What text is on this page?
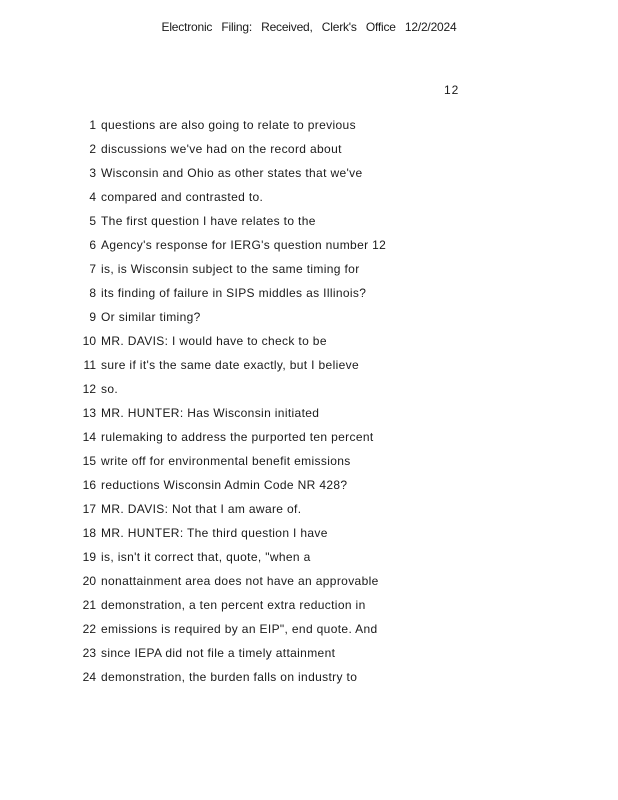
Electronic Filing: Received, Clerk's Office 12/2/2024
12
1 questions are also going to relate to previous
2 discussions we've had on the record about
3 Wisconsin and Ohio as other states that we've
4 compared and contrasted to.
5 The first question I have relates to the
6 Agency's response for IERG's question number 12
7 is, is Wisconsin subject to the same timing for
8 its finding of failure in SIPS middles as Illinois?
9 Or similar timing?
10 MR. DAVIS: I would have to check to be
11 sure if it's the same date exactly, but I believe
12 so.
13 MR. HUNTER: Has Wisconsin initiated
14 rulemaking to address the purported ten percent
15 write off for environmental benefit emissions
16 reductions Wisconsin Admin Code NR 428?
17 MR. DAVIS: Not that I am aware of.
18 MR. HUNTER: The third question I have
19 is, isn't it correct that, quote, "when a
20 nonattainment area does not have an approvable
21 demonstration, a ten percent extra reduction in
22 emissions is required by an EIP", end quote. And
23 since IEPA did not file a timely attainment
24 demonstration, the burden falls on industry to
